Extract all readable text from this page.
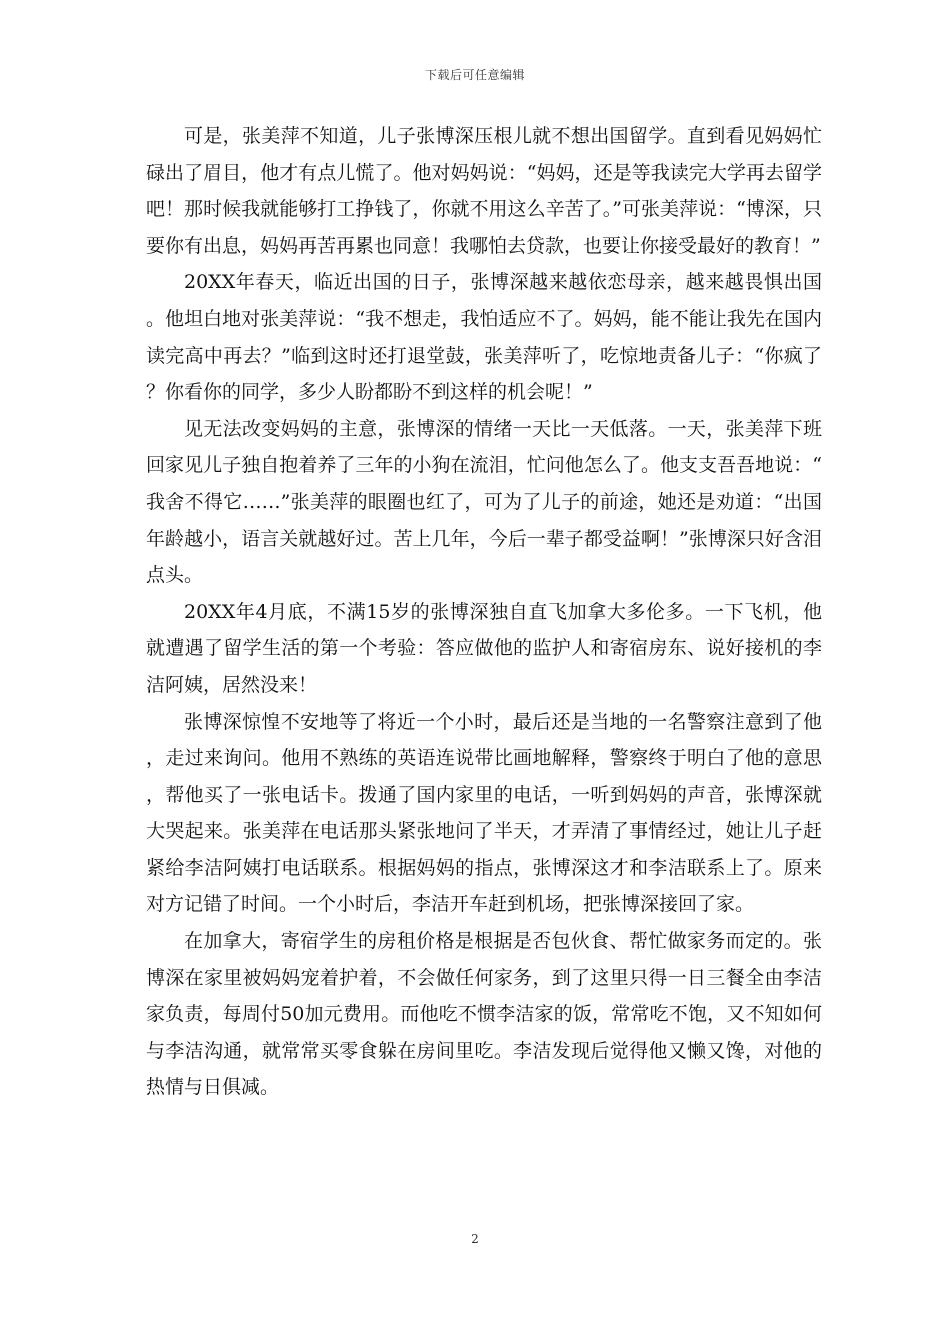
下载后可任意编辑

可是，张美萍不知道，儿子张博深压根儿就不想出国留学。直到看见妈妈忙碌出了眉目，他才有点儿慌了。他对妈妈说：“妈妈，还是等我读完大学再去留学吧！那时候我就能够打工挣钱了，你就不用这么辛苦了。”可张美萍说：“博深，只要你有出息，妈妈再苦再累也同意！我哪怕去贷款，也要让你接受最好的教育！”

20XX年春天，临近出国的日子，张博深越来越依恋母亲，越来越畏惧出国。他坦白地对张美萍说：“我不想走，我怕适应不了。妈妈，能不能让我先在国内读完高中再去？”临到这时还打退堂鼓，张美萍听了，吃惊地责备儿子：“你疯了？你看你的同学，多少人盼都盼不到这样的机会呢！”

见无法改变妈妈的主意，张博深的情绪一天比一天低落。一天，张美萍下班回家见儿子独自抱着养了三年的小狗在流泪，忙问他怎么了。他支支吾吾地说：“我舍不得它……”张美萍的眼圈也红了，可为了儿子的前途，她还是劝道：“出国年龄越小，语言关就越好过。苦上几年，今后一辈子都受益啊！”张博深只好含泪点头。

20XX年4月底，不满15岁的张博深独自直飞加拿大多伦多。一下飞机，他就遭遇了留学生活的第一个考验：答应做他的监护人和寄宿房东、说好接机的李洁阿姨，居然没来！

张博深惊惶不安地等了将近一个小时，最后还是当地的一名警察注意到了他，走过来询问。他用不熟练的英语连说带比画地解释，警察终于明白了他的意思，帮他买了一张电话卡。拨通了国内家里的电话，一听到妈妈的声音，张博深就大哭起来。张美萍在电话那头紧张地问了半天，才弄清了事情经过，她让儿子赶紧给李洁阿姨打电话联系。根据妈妈的指点，张博深这才和李洁联系上了。原来对方记错了时间。一个小时后，李洁开车赶到机场，把张博深接回了家。

在加拿大，寄宿学生的房租价格是根据是否包伙食、帮忙做家务而定的。张博深在家里被妈妈宠着护着，不会做任何家务，到了这里只得一日三餐全由李洁家负责，每周付50加元费用。而他吃不惯李洁家的饭，常常吃不饱，又不知如何与李洁沟通，就常常买零食躲在房间里吃。李洁发现后觉得他又懒又馋，对他的热情与日俱减。

2
